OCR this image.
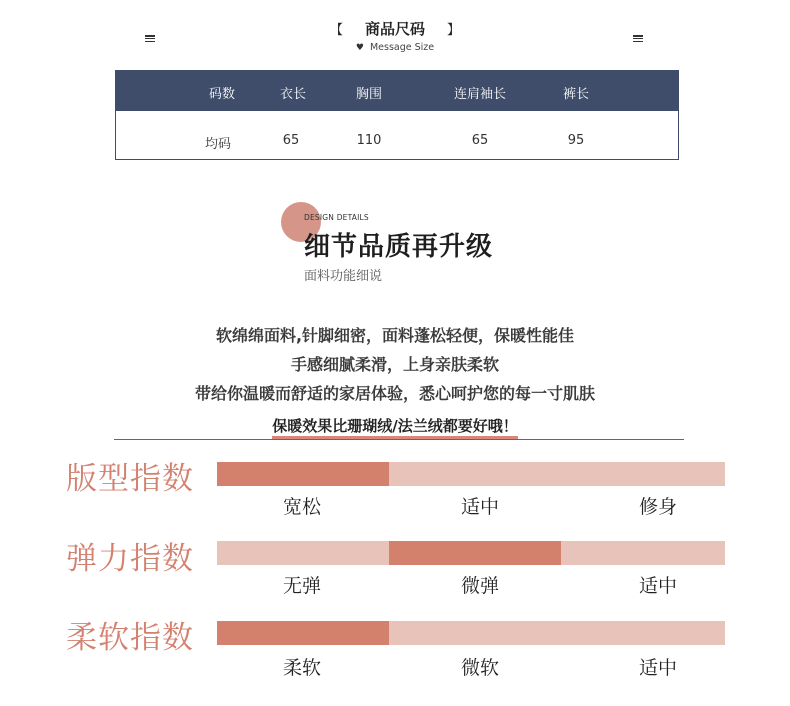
【 商品尺码 】
♥ Message Size
码数	衣长	胸围	连肩袖长	裤长
均码	65	110	65	95
DESIGN DETAILS
细节品质再升级
面料功能细说
软绵绵面料,针脚细密，面料蓬松轻便，保暖性能佳
手感细腻柔滑，上身亲肤柔软
带给你温暖而舒适的家居体验，悉心呵护您的每一寸肌肤
保暖效果比珊瑚绒/法兰绒都要好哦！
版型指数
宽松	适中	修身
弹力指数
无弹	微弹	适中
柔软指数
柔软	微软	适中
